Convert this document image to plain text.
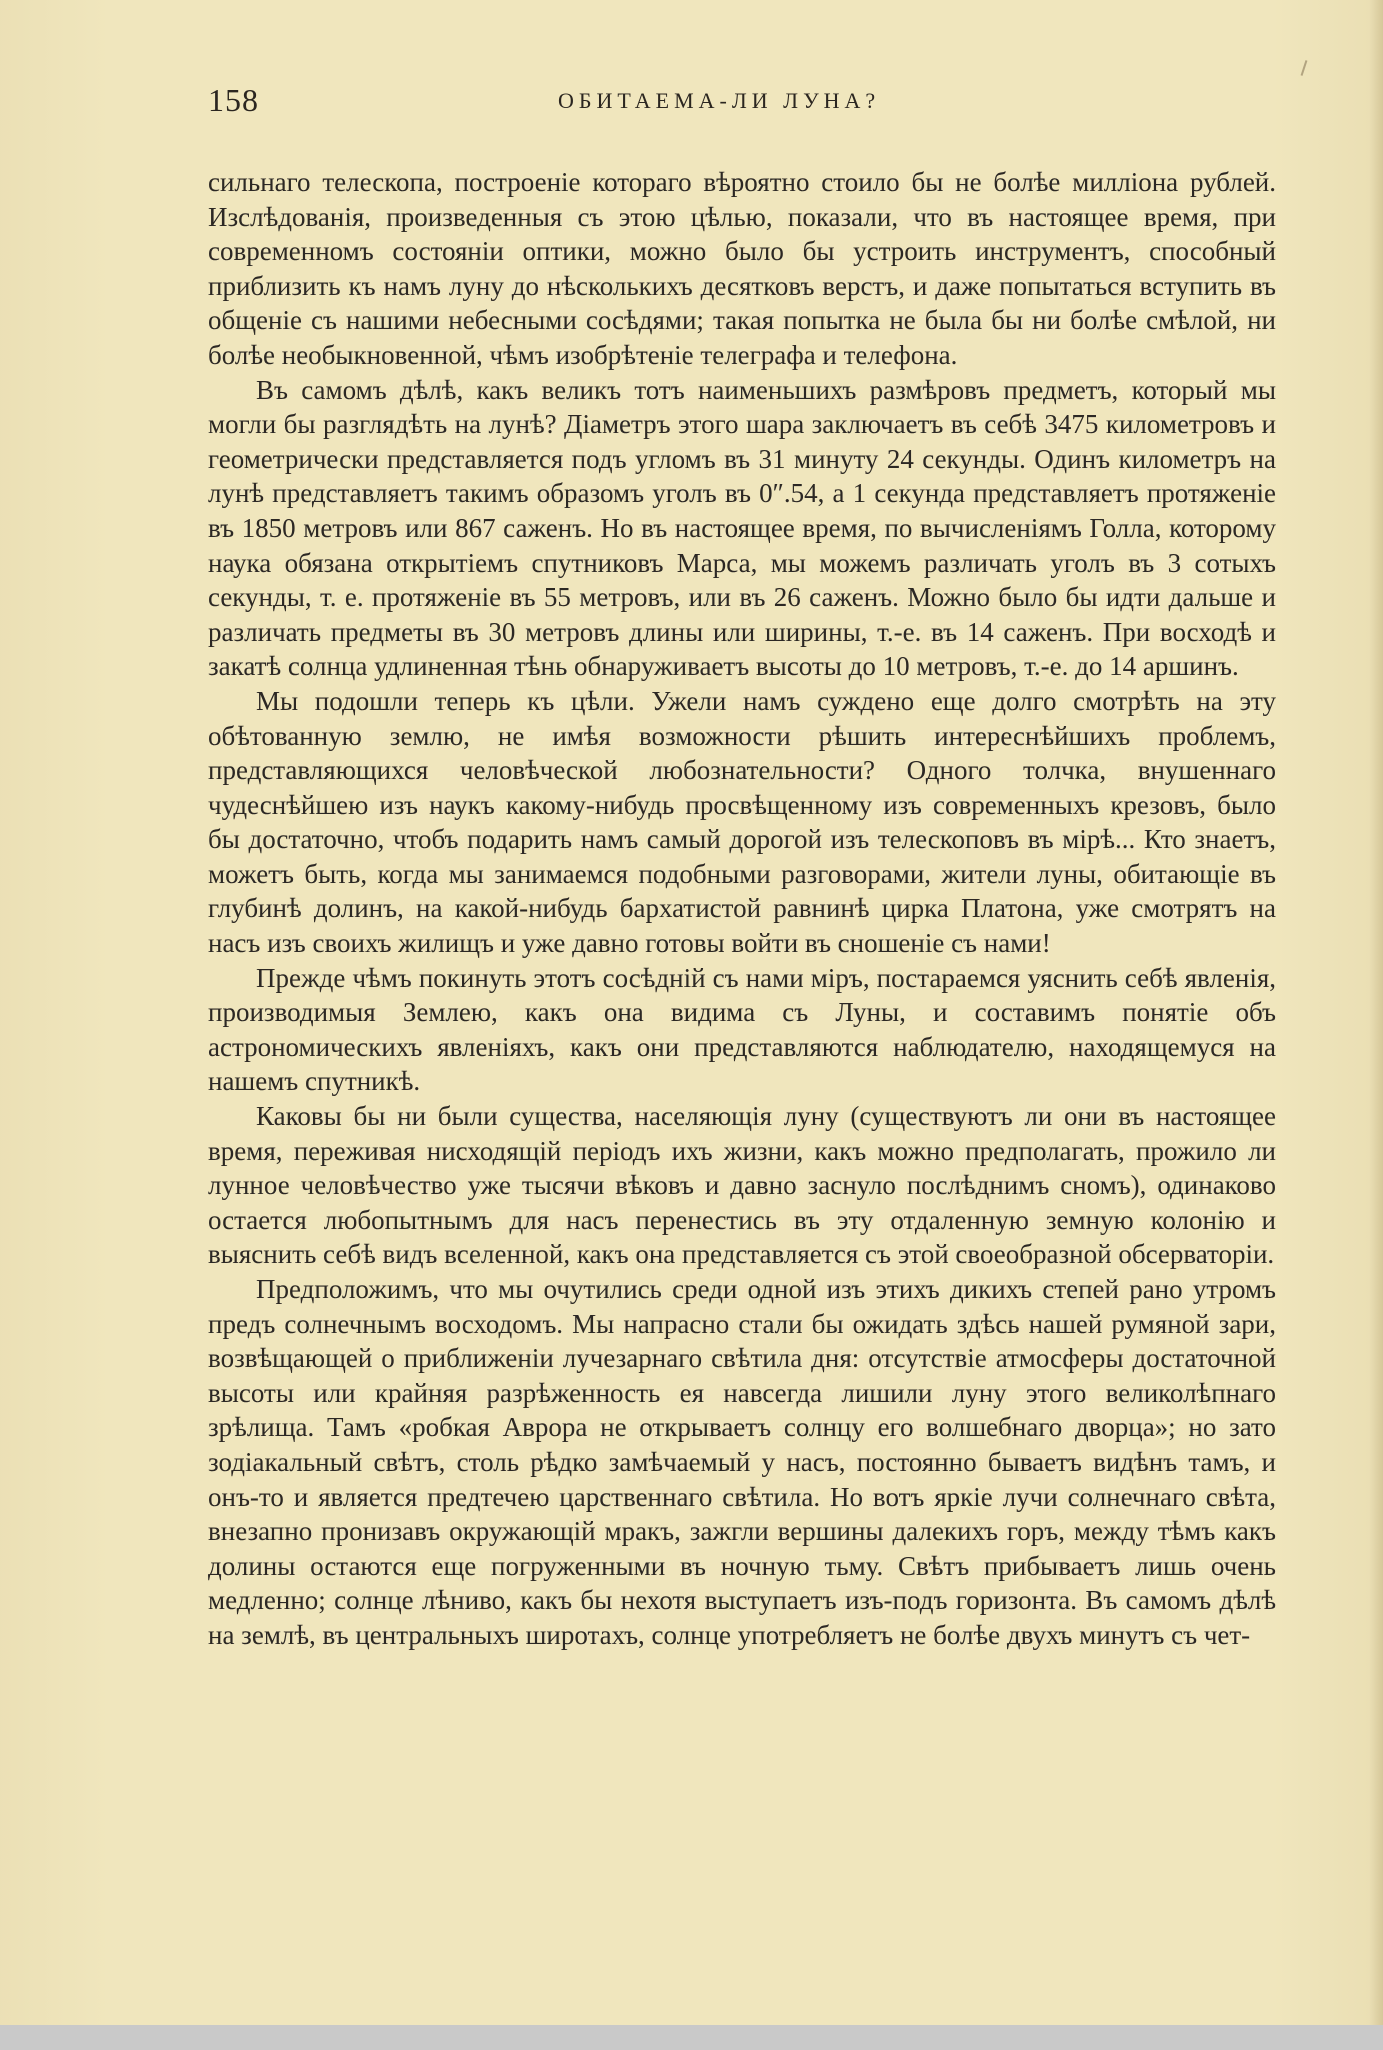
158	ОБИТАЕМА-ЛИ ЛУНА?

сильнаго телескопа, построеніе котораго вѣроятно стоило бы не болѣе милліона рублей. Изслѣдованія, произведенныя съ этою цѣлью, показали, что въ настоящее время, при современномъ состояніи оптики, можно было бы устроить инструментъ, способный приблизить къ намъ луну до нѣсколькихъ десятковъ верстъ, и даже попытаться вступить въ общеніе съ нашими небесными сосѣдями; такая попытка не была бы ни болѣе смѣлой, ни болѣе необыкновенной, чѣмъ изобрѣтеніе телеграфа и телефона.

Въ самомъ дѣлѣ, какъ великъ тотъ наименьшихъ размѣровъ предметъ, который мы могли бы разглядѣть на лунѣ? Діаметръ этого шара заключаетъ въ себѣ 3475 километровъ и геометрически представляется подъ угломъ въ 31 минуту 24 секунды. Одинъ километръ на лунѣ представляетъ такимъ образомъ уголъ въ 0″.54, а 1 секунда представляетъ протяженіе въ 1850 метровъ или 867 саженъ. Но въ настоящее время, по вычисленіямъ Голла, которому наука обязана открытіемъ спутниковъ Марса, мы можемъ различать уголъ въ 3 сотыхъ секунды, т. е. протяженіе въ 55 метровъ, или въ 26 саженъ. Можно было бы идти дальше и различать предметы въ 30 метровъ длины или ширины, т.-е. въ 14 саженъ. При восходѣ и закатѣ солнца удлиненная тѣнь обнаруживаетъ высоты до 10 метровъ, т.-е. до 14 аршинъ.

Мы подошли теперь къ цѣли. Ужели намъ суждено еще долго смотрѣть на эту обѣтованную землю, не имѣя возможности рѣшить интереснѣйшихъ проблемъ, представляющихся человѣческой любознательности? Одного толчка, внушеннаго чудеснѣйшею изъ наукъ какому-нибудь просвѣщенному изъ современныхъ крезовъ, было бы достаточно, чтобъ подарить намъ самый дорогой изъ телескоповъ въ мірѣ... Кто знаетъ, можетъ быть, когда мы занимаемся подобными разговорами, жители луны, обитающіе въ глубинѣ долинъ, на какой-нибудь бархатистой равнинѣ цирка Платона, уже смотрятъ на насъ изъ своихъ жилищъ и уже давно готовы войти въ сношеніе съ нами!

Прежде чѣмъ покинуть этотъ сосѣдній съ нами міръ, постараемся уяснить себѣ явленія, производимыя Землею, какъ она видима съ Луны, и составимъ понятіе объ астрономическихъ явленіяхъ, какъ они представляются наблюдателю, находящемуся на нашемъ спутникѣ.

Каковы бы ни были существа, населяющія луну (существуютъ ли они въ настоящее время, переживая нисходящій періодъ ихъ жизни, какъ можно предполагать, прожило ли лунное человѣчество уже тысячи вѣковъ и давно заснуло послѣднимъ сномъ), одинаково остается любопытнымъ для насъ перенестись въ эту отдаленную земную колонію и выяснить себѣ видъ вселенной, какъ она представляется съ этой своеобразной обсерваторіи.

Предположимъ, что мы очутились среди одной изъ этихъ дикихъ степей рано утромъ предъ солнечнымъ восходомъ. Мы напрасно стали бы ожидать здѣсь нашей румяной зари, возвѣщающей о приближеніи лучезарнаго свѣтила дня: отсутствіе атмосферы достаточной высоты или крайняя разрѣженность ея навсегда лишили луну этого великолѣпнаго зрѣлища. Тамъ «робкая Аврора не открываетъ солнцу его волшебнаго дворца»; но зато зодіакальный свѣтъ, столь рѣдко замѣчаемый у насъ, постоянно бываетъ видѣнъ тамъ, и онъ-то и является предтечею царственнаго свѣтила. Но вотъ яркіе лучи солнечнаго свѣта, внезапно пронизавъ окружающій мракъ, зажгли вершины далекихъ горъ, между тѣмъ какъ долины остаются еще погруженными въ ночную тьму. Свѣтъ прибываетъ лишь очень медленно; солнце лѣниво, какъ бы нехотя выступаетъ изъ-подъ горизонта. Въ самомъ дѣлѣ на землѣ, въ центральныхъ широтахъ, солнце употребляетъ не болѣе двухъ минутъ съ чет-
